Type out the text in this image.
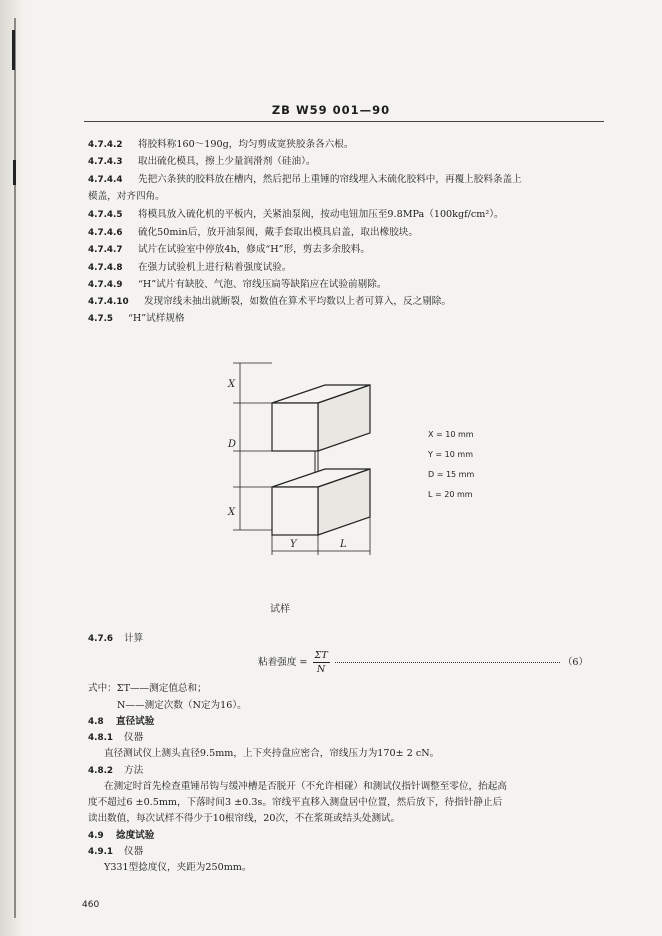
ZB W59 001—90
4.7.4.2 将胶料称160～190g，均匀剪成宽狭胶条各六根。
4.7.4.3 取出硫化模具，擦上少量润滑剂（硅油）。
4.7.4.4 先把六条狭的胶料放在槽内，然后把吊上重锤的帘线埋入未硫化胶料中，再覆上胶料条盖上
模盖，对齐四角。
4.7.4.5 将模具放入硫化机的平板内，关紧油泵阀，按动电钮加压至9.8MPa（100kgf/cm²）。
4.7.4.6 硫化50min后，放开油泵阀，戴手套取出模具启盖，取出橡胶块。
4.7.4.7 试片在试验室中停放4h，修成“H”形，剪去多余胶料。
4.7.4.8 在强力试验机上进行粘着强度试验。
4.7.4.9 “H”试片有缺胶、气泡、帘线压扁等缺陷应在试验前剔除。
4.7.4.10 发现帘线未抽出就断裂，如数值在算术平均数以上者可算入，反之剔除。
4.7.5 “H”试样规格
X
D
X
Y	L
X = 10 mm
Y = 10 mm
D = 15 mm
L = 20 mm
试样
4.7.6 计算
粘着强度 = $\frac{\Sigma T}{N}$	（6）
式中：ΣT——测定值总和；
N——测定次数（N定为16）。
4.8 直径试验
4.8.1 仪器
直径测试仪上测头直径9.5mm，上下夹持盘应密合，帘线压力为170± 2 cN。
4.8.2 方法
在测定时首先检查重锤吊钩与缓冲槽是否脱开（不允许相碰）和测试仪指针调整至零位，抬起高
度不超过6 ±0.5mm，下落时间3 ±0.3s。帘线平直移入测盘居中位置，然后放下，待指针静止后
读出数值，每次试样不得少于10根帘线，20次，不在浆斑或结头处测试。
4.9 捻度试验
4.9.1 仪器
Y331型捻度仪，夹距为250mm。
460
